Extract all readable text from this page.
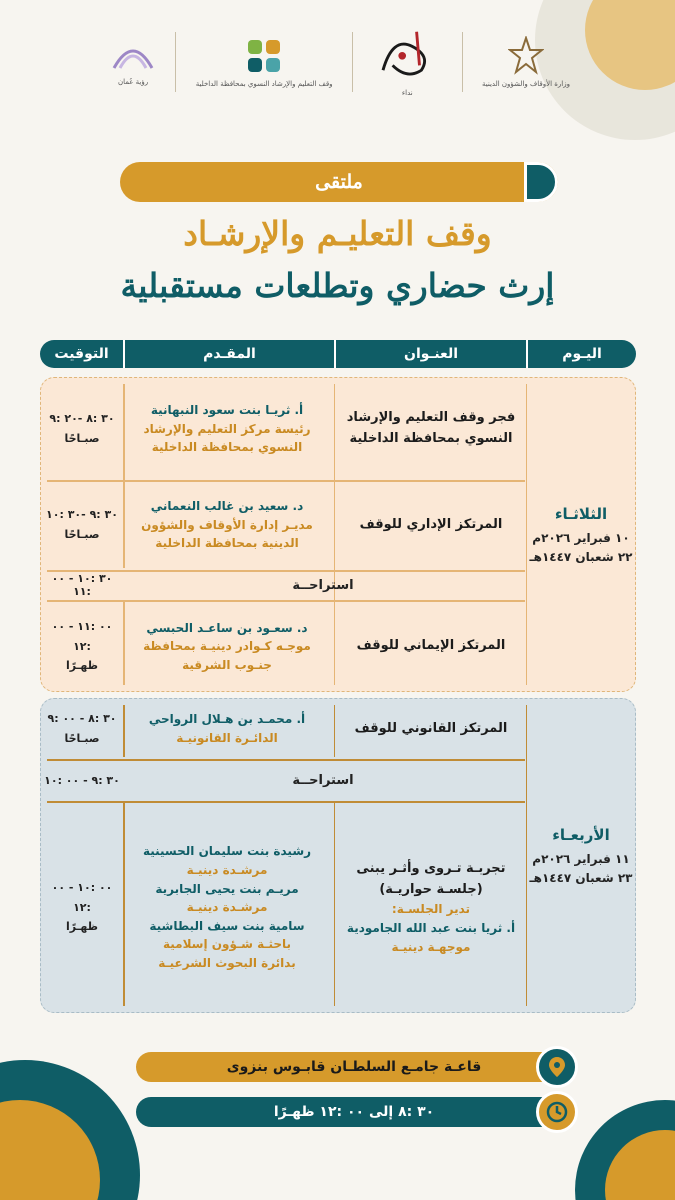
وزارة الأوقاف والشؤون الدينية
نداء
وقف التعليم والإرشاد النسوي بمحافظة الداخلية
رؤية عُمان
ملتقى
وقف التعليـم والإرشـاد
إرث حضاري وتطلعات مستقبلية
اليـوم
العنـوان
المقـدم
التوقيت
الثلاثـاء
١٠ فبراير ٢٠٢٦م
٢٢ شعبان ١٤٤٧هـ
فجر وقف التعليم والإرشاد النسوي بمحافظة الداخلية
أ. ثريـا بنت سعود النبهانية
رئيسة مركز التعليم والإرشاد النسوي بمحافظة الداخلية
٣٠ :٨ -٢٠ :٩
صبـاحًا
المرتكز الإداري للوقف
د. سعيد بن غالب النعماني
مديـر إدارة الأوقاف والشؤون الدينية بمحافظة الداخلية
٣٠ :٩ -٣٠ :١٠
صبـاحًا
استراحــة
٣٠ :١٠ - ٠٠ :١١
المرتكز الإيماني للوقف
د. سعـود بن ساعـد الحبسي
موجـه كـوادر دينيـة بمحافظة جنـوب الشرقية
٠٠ :١١ - ٠٠ :١٢
ظهـرًا
الأربعـاء
١١ فبراير ٢٠٢٦م
٢٣ شعبان ١٤٤٧هـ
المرتكز القانوني للوقف
أ. محمـد بن هـلال الرواحي
الدائـرة القانونيـة
٣٠ :٨ - ٠٠ :٩
صبـاحًا
استراحــة
٣٠ :٩ - ٠٠ :١٠
تجربـة تـروى وأثـر يبنى
(جلسـة حواريـة)
تدير الجلسـة:
أ. ثريا بنت عبد الله الجامودية
موجهـة دينيـة
رشيدة بنت سليمان الحسينية
مرشـدة دينيـة
مريـم بنت يحيى الجابرية
مرشـدة دينيـة
سامية بنت سيف البطاشية
باحثـة شـؤون إسلامية
بدائرة البحوث الشرعيـة
٠٠ :١٠ - ٠٠ :١٢
ظهـرًا
قاعـة جامـع السلطـان قابـوس بنزوى
٣٠ :٨ إلى ٠٠ :١٢ ظهـرًا
